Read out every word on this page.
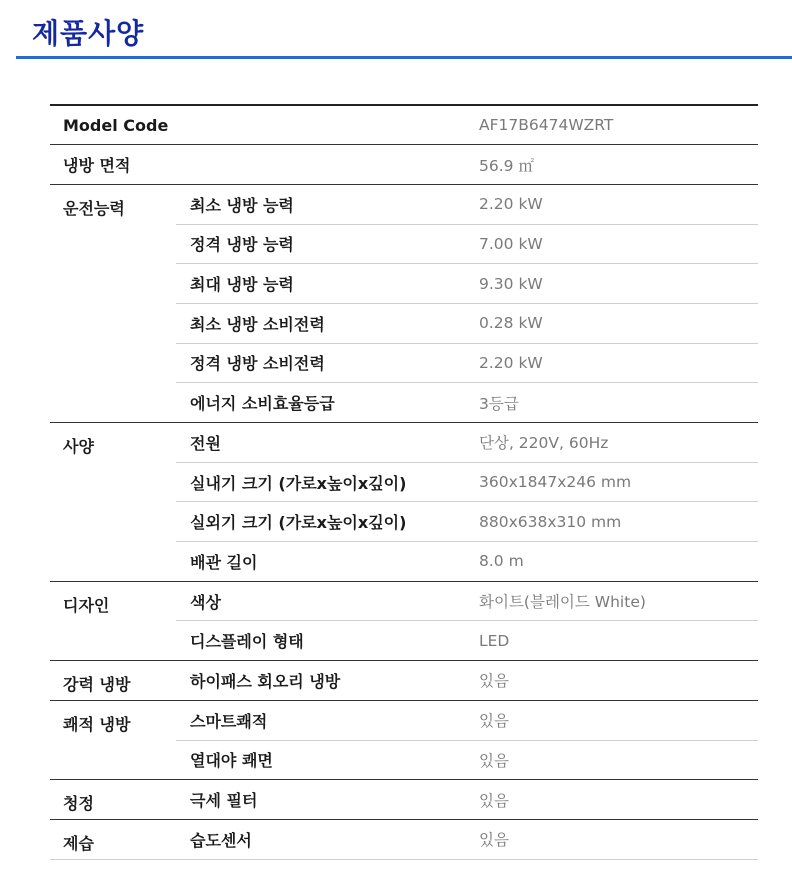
제품사양
Model Code		AF17B6474WZRT
냉방 면적		56.9 ㎡
운전능력	최소 냉방 능력	2.20 kW
	정격 냉방 능력	7.00 kW
	최대 냉방 능력	9.30 kW
	최소 냉방 소비전력	0.28 kW
	정격 냉방 소비전력	2.20 kW
	에너지 소비효율등급	3등급
사양	전원	단상, 220V, 60Hz
	실내기 크기 (가로x높이x깊이)	360x1847x246 mm
	실외기 크기 (가로x높이x깊이)	880x638x310 mm
	배관 길이	8.0 m
디자인	색상	화이트(블레이드 White)
	디스플레이 형태	LED
강력 냉방	하이패스 회오리 냉방	있음
쾌적 냉방	스마트쾌적	있음
	열대야 쾌면	있음
청정	극세 필터	있음
제습	습도센서	있음
